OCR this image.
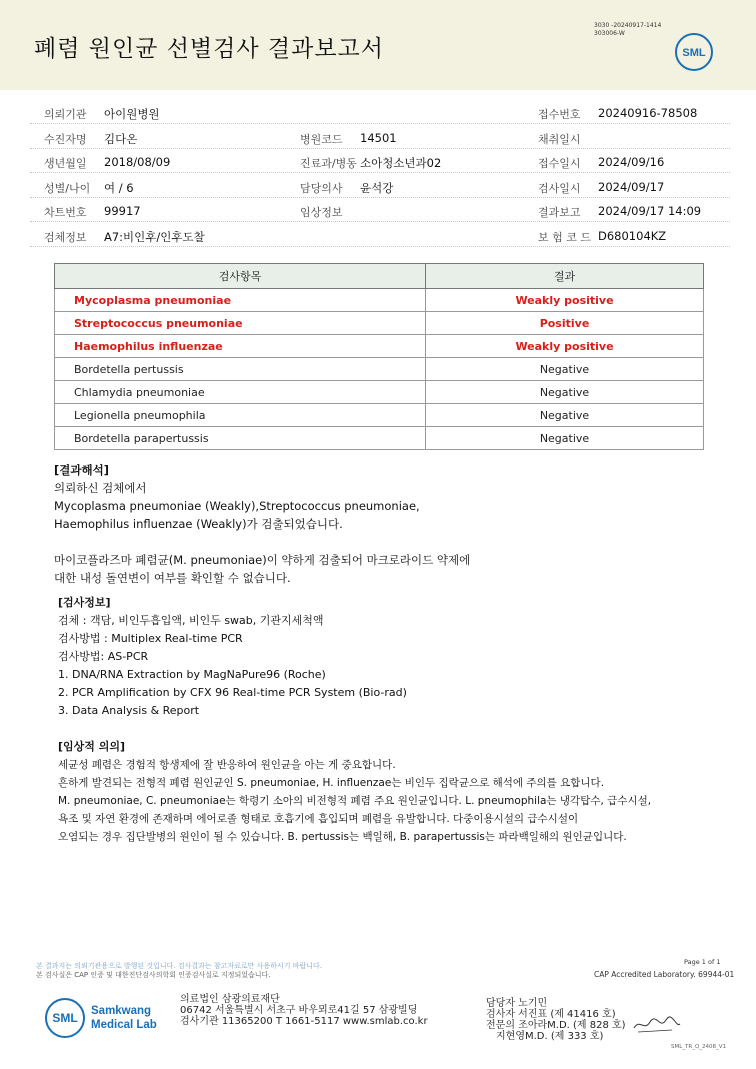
폐렴 원인균 선별검사 결과보고서
3030 -20240917-1414
303006-W
SML
의뢰기관 아이원병원	접수번호 20240916-78508
수진자명 김다온	병원코드 14501	채취일시
생년월일 2018/08/09	진료과/병동 소아청소년과02	접수일시 2024/09/16
성별/나이 여 / 6	담당의사 윤석강	검사일시 2024/09/17
차트번호 99917	임상정보	결과보고 2024/09/17 14:09
검체정보 A7:비인후/인후도찰	보 험 코 드 D680104KZ
검사항목	결과
Mycoplasma pneumoniae	Weakly positive
Streptococcus pneumoniae	Positive
Haemophilus influenzae	Weakly positive
Bordetella pertussis	Negative
Chlamydia pneumoniae	Negative
Legionella pneumophila	Negative
Bordetella parapertussis	Negative
[결과해석]
의뢰하신 검체에서
Mycoplasma pneumoniae (Weakly),Streptococcus pneumoniae,
Haemophilus influenzae (Weakly)가 검출되었습니다.
마이코플라즈마 폐렴균(M. pneumoniae)이 약하게 검출되어 마크로라이드 약제에
대한 내성 돌연변이 여부를 확인할 수 없습니다.
[검사정보]
검체 : 객담, 비인두흡입액, 비인두 swab, 기관지세척액
검사방법 : Multiplex Real-time PCR
검사방법: AS-PCR
1. DNA/RNA Extraction by MagNaPure96 (Roche)
2. PCR Amplification by CFX 96 Real-time PCR System (Bio-rad)
3. Data Analysis & Report
[임상적 의의]
세균성 폐렴은 경험적 항생제에 잘 반응하여 원인균을 아는 게 중요합니다.
흔하게 발견되는 전형적 폐렴 원인균인 S. pneumoniae, H. influenzae는 비인두 집락균으로 해석에 주의를 요합니다.
M. pneumoniae, C. pneumoniae는 학령기 소아의 비전형적 폐렴 주요 원인균입니다. L. pneumophila는 냉각탑수, 급수시설,
욕조 및 자연 환경에 존재하며 에어로졸 형태로 호흡기에 흡입되며 폐렴을 유발합니다. 다중이용시설의 급수시설이
오염되는 경우 집단발병의 원인이 될 수 있습니다. B. pertussis는 백일해, B. parapertussis는 파라백일해의 원인균입니다.
본 결과지는 의뢰기관용으로 발행된 것입니다. 검사결과는 참고자료로만 사용하시기 바랍니다.
본 검사실은 CAP 인증 및 대한진단검사의학회 인증검사실로 지정되었습니다.
Page 1 of 1
CAP Accredited Laboratory. 69944-01
SML Samkwang
Medical Lab
의료법인 삼광의료재단
06742 서울특별시 서초구 바우뫼로41길 57 삼광빌딩
검사기관 11365200 T 1661-5117 www.smlab.co.kr
담당자 노기민
검사자 서진표 (제 41416 호)
전문의 조아라M.D. (제 828 호)
지현영M.D. (제 333 호)
SML_TR_Q_2408_V1
